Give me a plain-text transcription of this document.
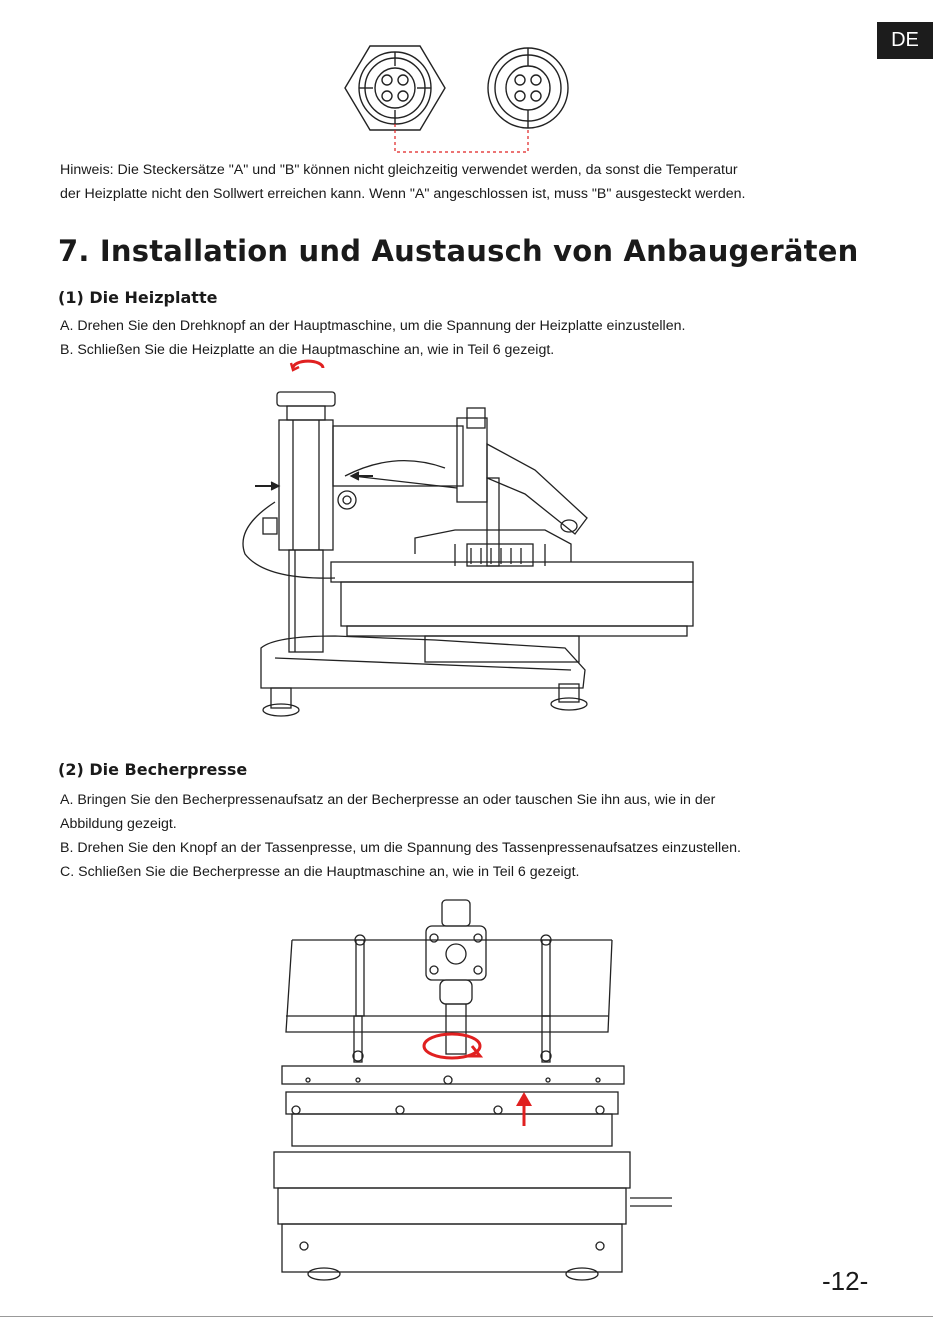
DE
Hinweis: Die Steckersätze "A" und "B" können nicht gleichzeitig verwendet werden, da sonst die Temperatur
der Heizplatte nicht den Sollwert erreichen kann. Wenn "A" angeschlossen ist, muss "B" ausgesteckt werden.
7. Installation und Austausch von Anbaugeräten
(1) Die Heizplatte

A. Drehen Sie den Drehknopf an der Hauptmaschine, um die Spannung der Heizplatte einzustellen.

B. Schließen Sie die Heizplatte an die Hauptmaschine an, wie in Teil 6 gezeigt.

(2) Die Becherpresse

A. Bringen Sie den Becherpressenaufsatz an der Becherpresse an oder tauschen Sie ihn aus, wie in der

Abbildung gezeigt.

B. Drehen Sie den Knopf an der Tassenpresse, um die Spannung des Tassenpressenaufsatzes einzustellen.

C. Schließen Sie die Becherpresse an die Hauptmaschine an, wie in Teil 6 gezeigt.

-12-
